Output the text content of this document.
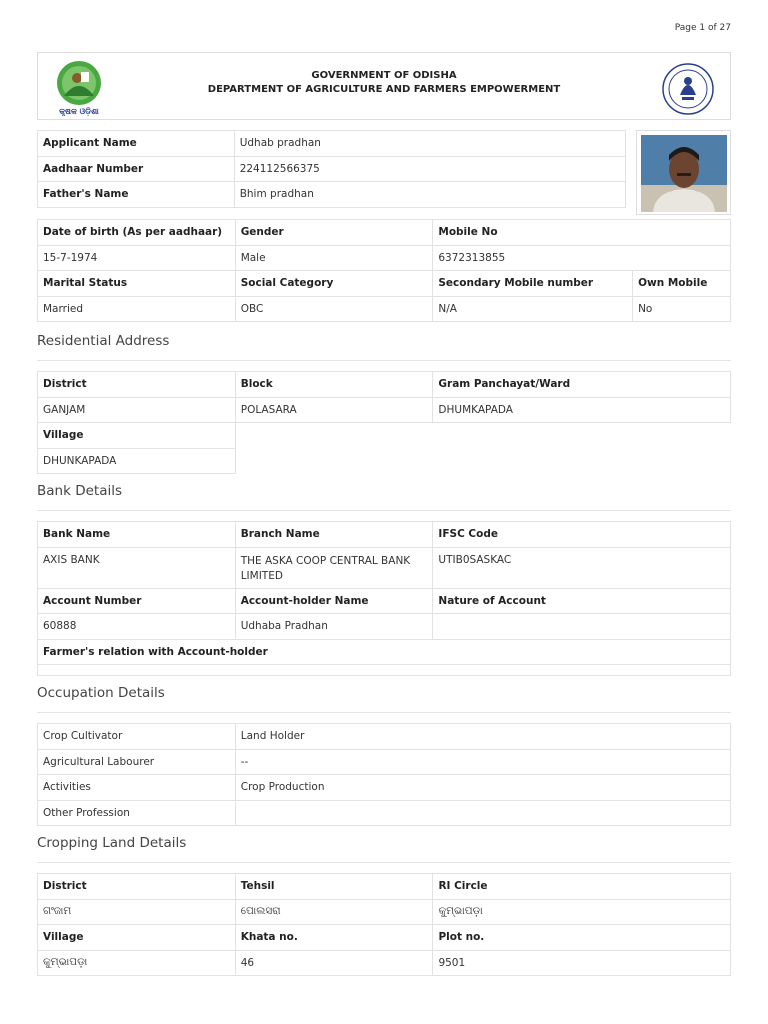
Page 1 of 27
କୃଷକ ଓଡ଼ିଶା
GOVERNMENT OF ODISHA
DEPARTMENT OF AGRICULTURE AND FARMERS EMPOWERMENT
Applicant Name	Udhab pradhan
Aadhaar Number	224112566375
Father's Name	Bhim pradhan
Date of birth (As per aadhaar)	Gender	Mobile No	
15-7-1974	Male	6372313855	
Marital Status	Social Category	Secondary Mobile number	Own Mobile
Married	OBC	N/A	No
Residential Address
District	Block	Gram Panchayat/Ward
GANJAM	POLASARA	DHUMKAPADA
Village		
DHUNKAPADA		
Bank Details
Bank Name	Branch Name	IFSC Code
AXIS BANK	THE ASKA COOP CENTRAL BANK LIMITED	UTIB0SASKAC
Account Number	Account-holder Name	Nature of Account
60888	Udhaba Pradhan	
Farmer's relation with Account-holder		

Occupation Details
Crop Cultivator	Land Holder
Agricultural Labourer	--
Activities	Crop Production
Other Profession	
Cropping Land Details
District	Tehsil	RI Circle
ଗଂଜାମ	ପୋଲସରା	କୁମ୍ଭାପଡ଼ା
Village	Khata no.	Plot no.
କୁମ୍ଭାପଡ଼ା	46	9501
